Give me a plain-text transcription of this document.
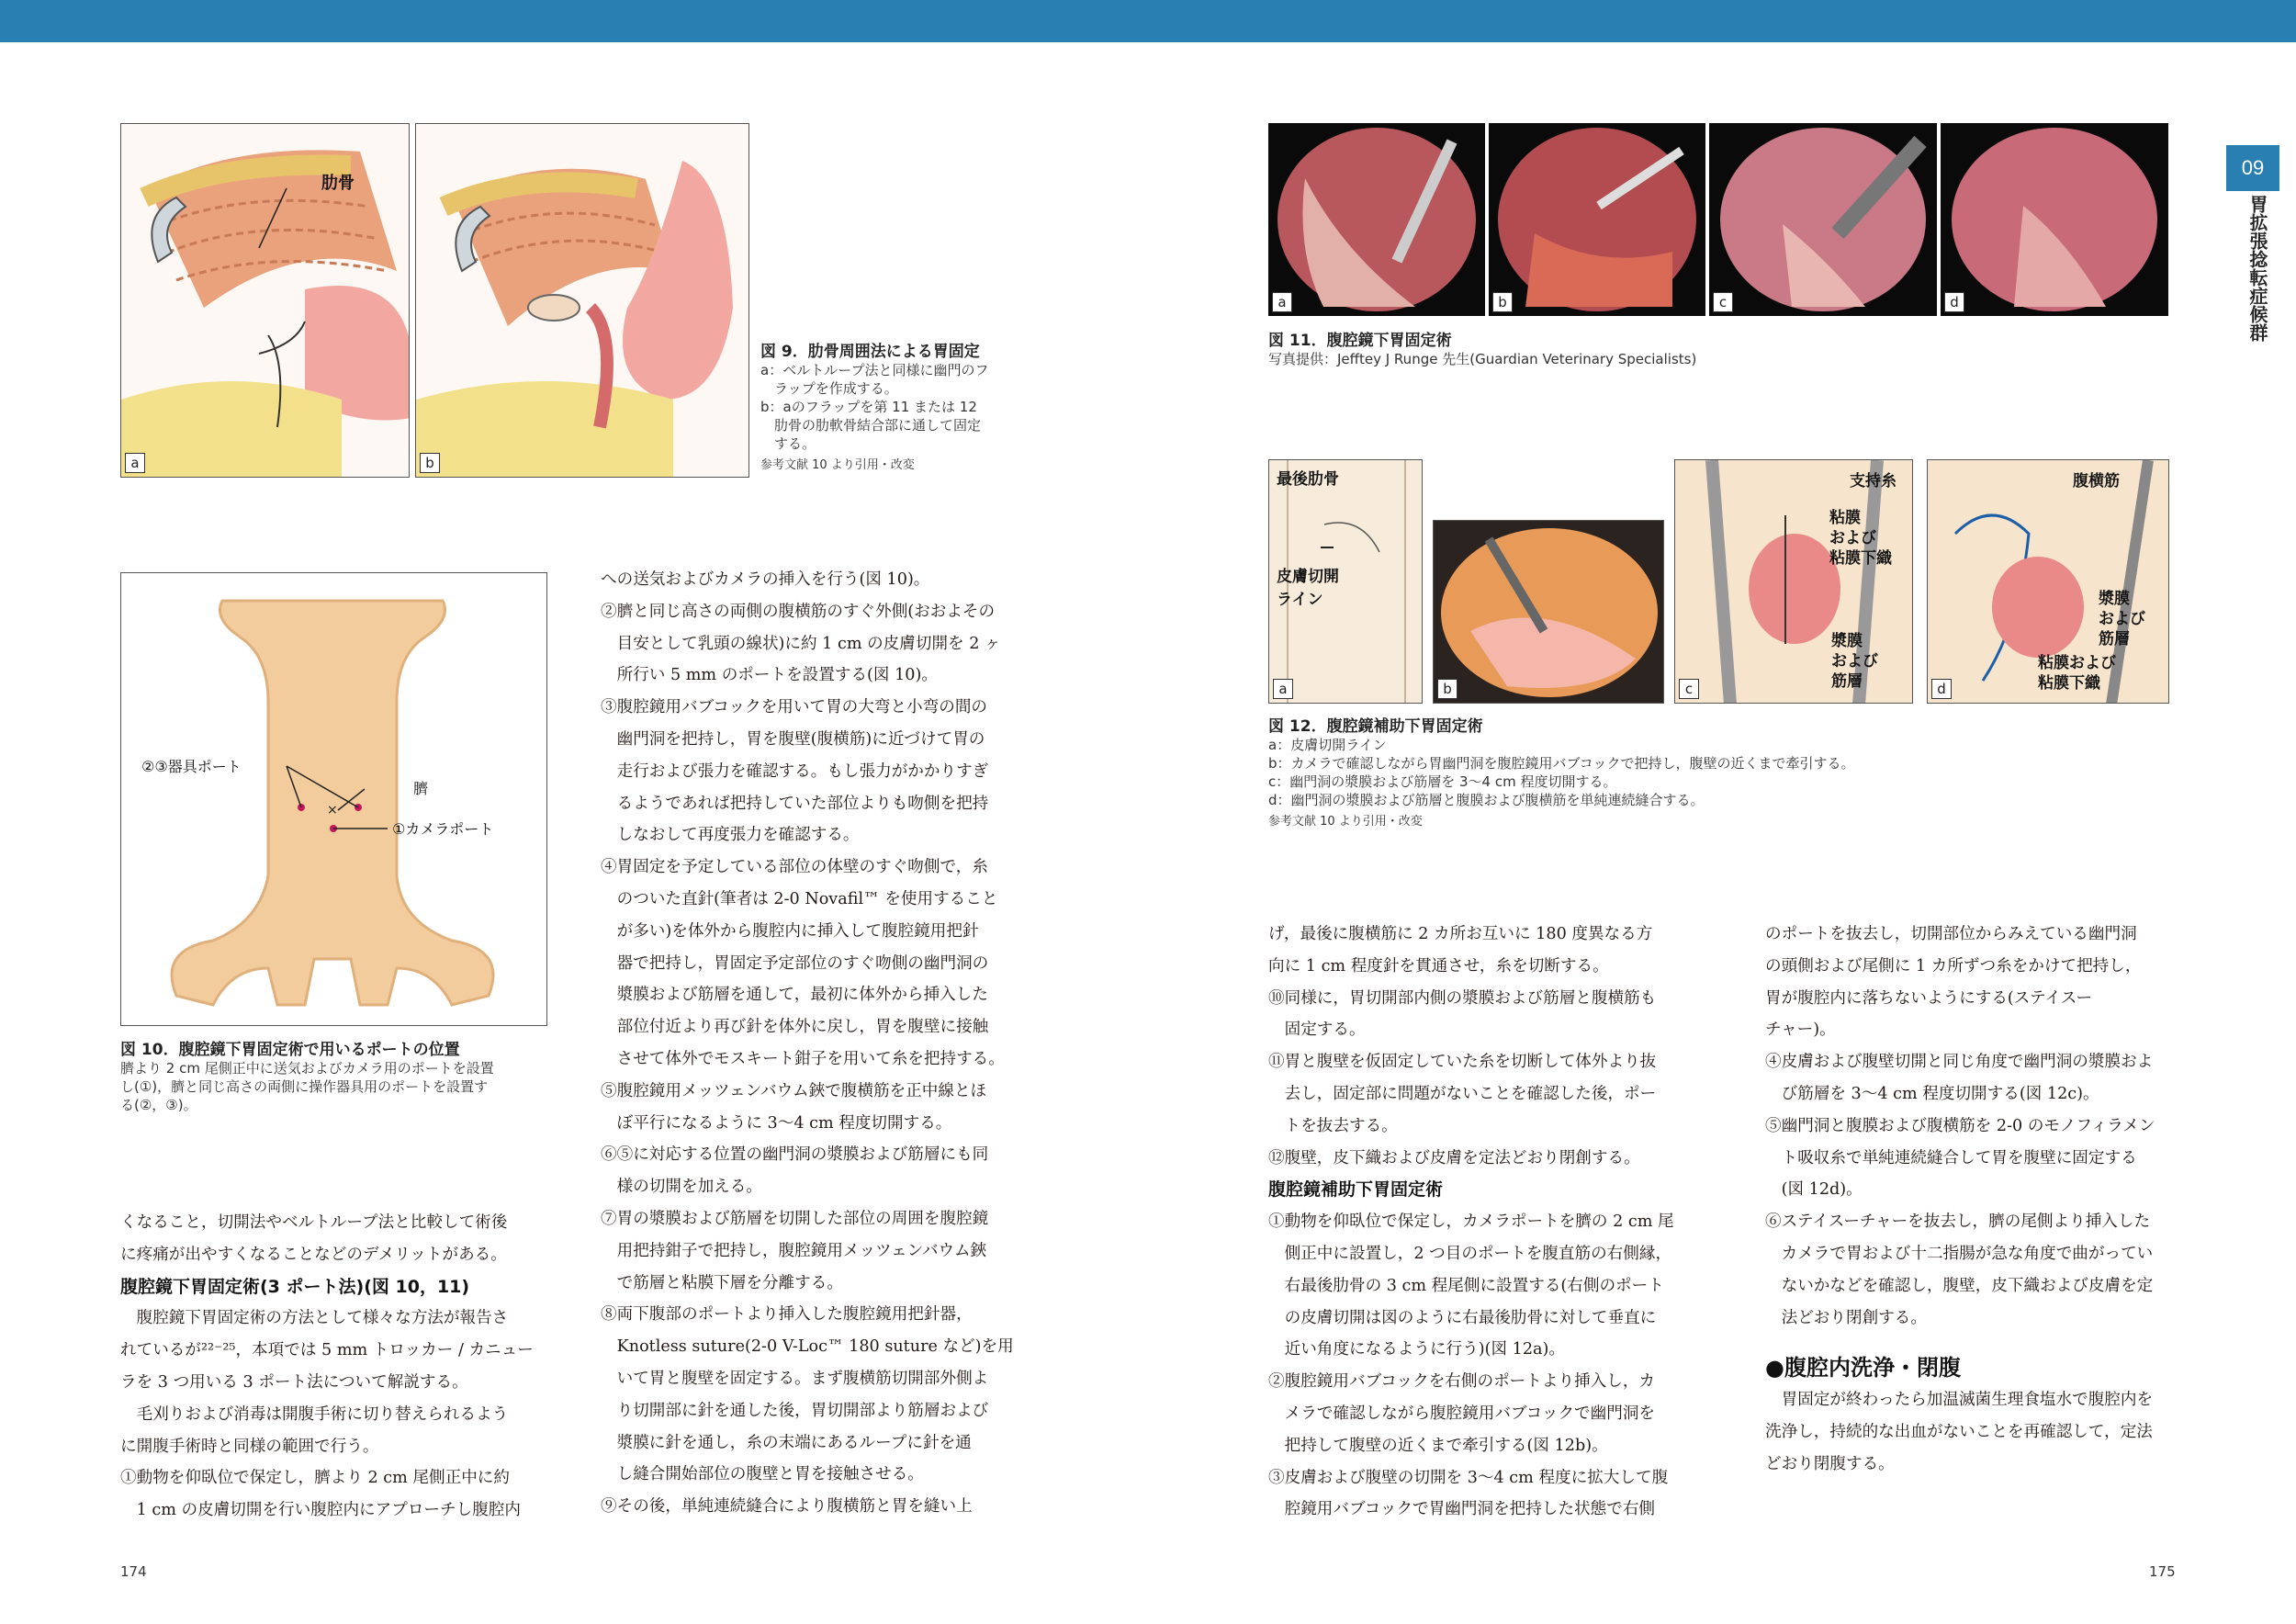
肋骨
a	b
図 9．肋骨周囲法による胃固定
a：ベルトループ法と同様に幽門のフ
　ラップを作成する。
b：aのフラップを第 11 または 12
　肋骨の肋軟骨結合部に通して固定
　する。
参考文献 10 より引用・改変
×
②③器具ポート
臍
①カメラポート
図 10．腹腔鏡下胃固定術で用いるポートの位置
臍より 2 cm 尾側正中に送気およびカメラ用のポートを設置
し(①)，臍と同じ高さの両側に操作器具用のポートを設置す
る(②，③)。

くなること，切開法やベルトループ法と比較して術後

に疼痛が出やすくなることなどのデメリットがある。

腹腔鏡下胃固定術(3 ポート法)(図 10，11)

　腹腔鏡下胃固定術の方法として様々な方法が報告さ

れているが²²⁻²⁵，本項では 5 mm トロッカー / カニュー

ラを 3 つ用いる 3 ポート法について解説する。

　毛刈りおよび消毒は開腹手術に切り替えられるよう

に開腹手術時と同様の範囲で行う。

①動物を仰臥位で保定し，臍より 2 cm 尾側正中に約

　1 cm の皮膚切開を行い腹腔内にアプローチし腹腔内

への送気およびカメラの挿入を行う(図 10)。

②臍と同じ高さの両側の腹横筋のすぐ外側(おおよその

　目安として乳頭の線状)に約 1 cm の皮膚切開を 2 ヶ

　所行い 5 mm のポートを設置する(図 10)。

③腹腔鏡用バブコックを用いて胃の大弯と小弯の間の

　幽門洞を把持し，胃を腹壁(腹横筋)に近づけて胃の

　走行および張力を確認する。もし張力がかかりすぎ

　るようであれば把持していた部位よりも吻側を把持

　しなおして再度張力を確認する。

④胃固定を予定している部位の体壁のすぐ吻側で，糸

　のついた直針(筆者は 2-0 Novafil™ を使用すること

　が多い)を体外から腹腔内に挿入して腹腔鏡用把針

　器で把持し，胃固定予定部位のすぐ吻側の幽門洞の

　漿膜および筋層を通して，最初に体外から挿入した

　部位付近より再び針を体外に戻し，胃を腹壁に接触

　させて体外でモスキート鉗子を用いて糸を把持する。

⑤腹腔鏡用メッツェンバウム鋏で腹横筋を正中線とほ

　ぼ平行になるように 3～4 cm 程度切開する。

⑥⑤に対応する位置の幽門洞の漿膜および筋層にも同

　様の切開を加える。

⑦胃の漿膜および筋層を切開した部位の周囲を腹腔鏡

　用把持鉗子で把持し，腹腔鏡用メッツェンバウム鋏

　で筋層と粘膜下層を分離する。

⑧両下腹部のポートより挿入した腹腔鏡用把針器，

　Knotless suture(2-0 V-Loc™ 180 suture など)を用

　いて胃と腹壁を固定する。まず腹横筋切開部外側よ

　り切開部に針を通した後，胃切開部より筋層および

　漿膜に針を通し，糸の末端にあるループに針を通

　し縫合開始部位の腹壁と胃を接触させる。

⑨その後，単純連続縫合により腹横筋と胃を縫い上

174
a	b	c	d
図 11．腹腔鏡下胃固定術
写真提供：Jefftey J Runge 先生(Guardian Veterinary Specialists)
09
胃拡張捻転症候群
最後肋骨
皮膚切開
ライン
a	b
支持糸
粘膜
および
粘膜下織
漿膜
および
筋層
c
腹横筋
漿膜
および
筋層
粘膜および
粘膜下織
d
図 12．腹腔鏡補助下胃固定術
a：皮膚切開ライン
b：カメラで確認しながら胃幽門洞を腹腔鏡用バブコックで把持し，腹壁の近くまで牽引する。
c：幽門洞の漿膜および筋層を 3～4 cm 程度切開する。
d：幽門洞の漿膜および筋層と腹膜および腹横筋を単純連続縫合する。
参考文献 10 より引用・改変

げ，最後に腹横筋に 2 カ所お互いに 180 度異なる方

向に 1 cm 程度針を貫通させ，糸を切断する。

⑩同様に，胃切開部内側の漿膜および筋層と腹横筋も

　固定する。

⑪胃と腹壁を仮固定していた糸を切断して体外より抜

　去し，固定部に問題がないことを確認した後，ポー

　トを抜去する。

⑫腹壁，皮下織および皮膚を定法どおり閉創する。

腹腔鏡補助下胃固定術

①動物を仰臥位で保定し，カメラポートを臍の 2 cm 尾

　側正中に設置し，2 つ目のポートを腹直筋の右側縁，

　右最後肋骨の 3 cm 程尾側に設置する(右側のポート

　の皮膚切開は図のように右最後肋骨に対して垂直に

　近い角度になるように行う)(図 12a)。

②腹腔鏡用バブコックを右側のポートより挿入し，カ

　メラで確認しながら腹腔鏡用バブコックで幽門洞を

　把持して腹壁の近くまで牽引する(図 12b)。

③皮膚および腹壁の切開を 3～4 cm 程度に拡大して腹

　腔鏡用バブコックで胃幽門洞を把持した状態で右側

のポートを抜去し，切開部位からみえている幽門洞

の頭側および尾側に 1 カ所ずつ糸をかけて把持し，

胃が腹腔内に落ちないようにする(ステイスー

チャー)。

④皮膚および腹壁切開と同じ角度で幽門洞の漿膜およ

　び筋層を 3～4 cm 程度切開する(図 12c)。

⑤幽門洞と腹膜および腹横筋を 2-0 のモノフィラメン

　ト吸収糸で単純連続縫合して胃を腹壁に固定する

　(図 12d)。

⑥ステイスーチャーを抜去し，臍の尾側より挿入した

　カメラで胃および十二指腸が急な角度で曲がってい

　ないかなどを確認し，腹壁，皮下織および皮膚を定

　法どおり閉創する。

●腹腔内洗浄・閉腹

　胃固定が終わったら加温滅菌生理食塩水で腹腔内を

洗浄し，持続的な出血がないことを再確認して，定法

どおり閉腹する。

175
